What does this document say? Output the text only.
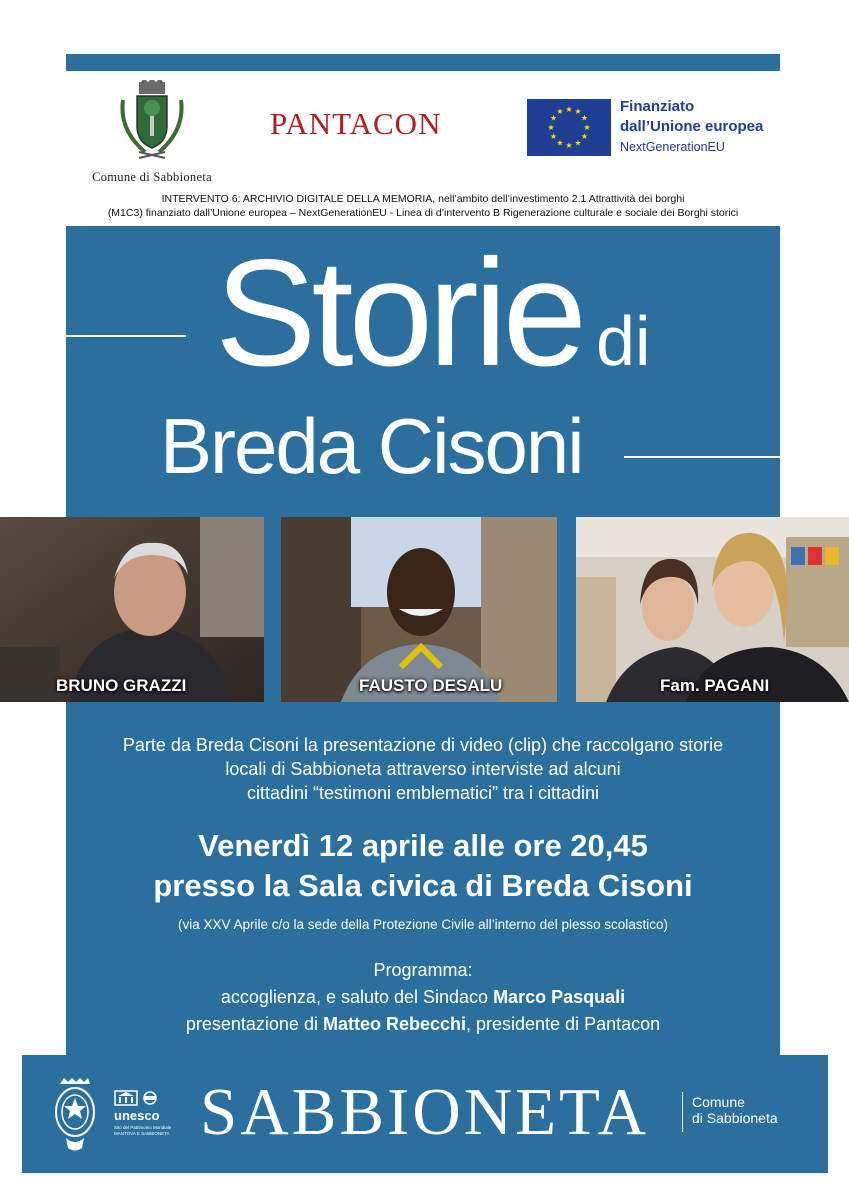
Comune di Sabbioneta
PANTACON	★ ★
★
★
★
★
★
★
★
★
★
★	Finanziato
dall’Unione europea
NextGenerationEU
INTERVENTO 6: ARCHIVIO DIGITALE DELLA MEMORIA, nell’ambito dell’investimento 2.1 Attrattività dei borghi
(M1C3) finanziato dall’Unione europea – NextGenerationEU - Linea di d’intervento B Rigenerazione culturale e sociale dei Borghi storici
Storie di
Breda Cisoni
BRUNO GRAZZI	FAUSTO DESALU	Fam. PAGANI
Parte da Breda Cisoni la presentazione di video (clip) che raccolgano storie
locali di Sabbioneta attraverso interviste ad alcuni
cittadini “testimoni emblematici” tra i cittadini
Venerdì 12 aprile alle ore 20,45
presso la Sala civica di Breda Cisoni
(via XXV Aprile c/o la sede della Protezione Civile all’interno del plesso scolastico)
Programma:
accoglienza, e saluto del Sindaco Marco Pasquali
presentazione di Matteo Rebecchi, presidente di Pantacon
unesco
Sito del Patrimonio Mondiale MANTOVA E SABBIONETA SABBIONETA	Comune
di Sabbioneta
